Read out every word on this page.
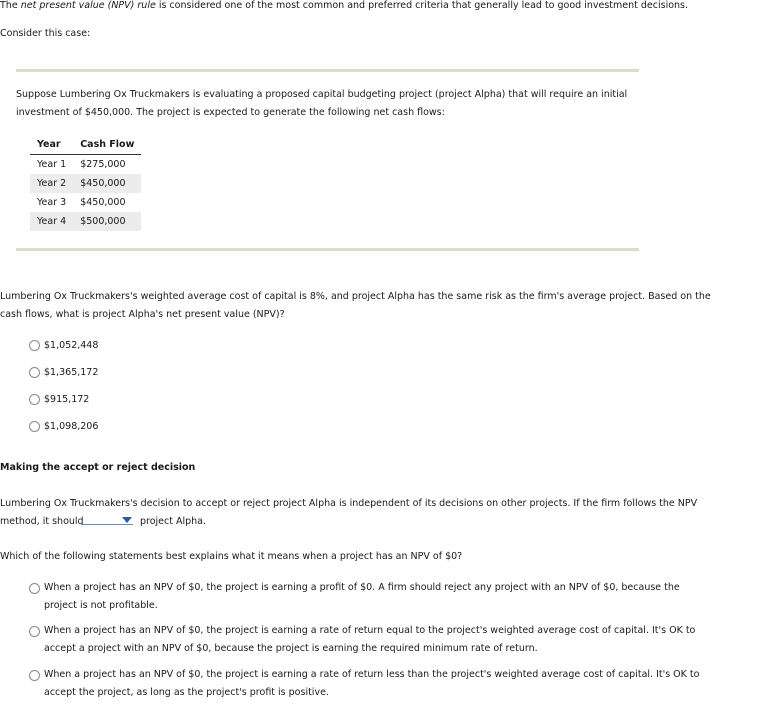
The net present value (NPV) rule is considered one of the most common and preferred criteria that generally lead to good investment decisions.
Consider this case:
Suppose Lumbering Ox Truckmakers is evaluating a proposed capital budgeting project (project Alpha) that will require an initial
investment of $450,000. The project is expected to generate the following net cash flows:
Year	Cash Flow
Year 1	$275,000
Year 2	$450,000
Year 3	$450,000
Year 4	$500,000
Lumbering Ox Truckmakers's weighted average cost of capital is 8%, and project Alpha has the same risk as the firm's average project. Based on the
cash flows, what is project Alpha's net present value (NPV)?
$1,052,448
$1,365,172
$915,172
$1,098,206
Making the accept or reject decision
Lumbering Ox Truckmakers's decision to accept or reject project Alpha is independent of its decisions on other projects. If the firm follows the NPV
method, it should	project Alpha.
Which of the following statements best explains what it means when a project has an NPV of $0?
When a project has an NPV of $0, the project is earning a profit of $0. A firm should reject any project with an NPV of $0, because the
project is not profitable.
When a project has an NPV of $0, the project is earning a rate of return equal to the project's weighted average cost of capital. It's OK to
accept a project with an NPV of $0, because the project is earning the required minimum rate of return.
When a project has an NPV of $0, the project is earning a rate of return less than the project's weighted average cost of capital. It's OK to
accept the project, as long as the project's profit is positive.
